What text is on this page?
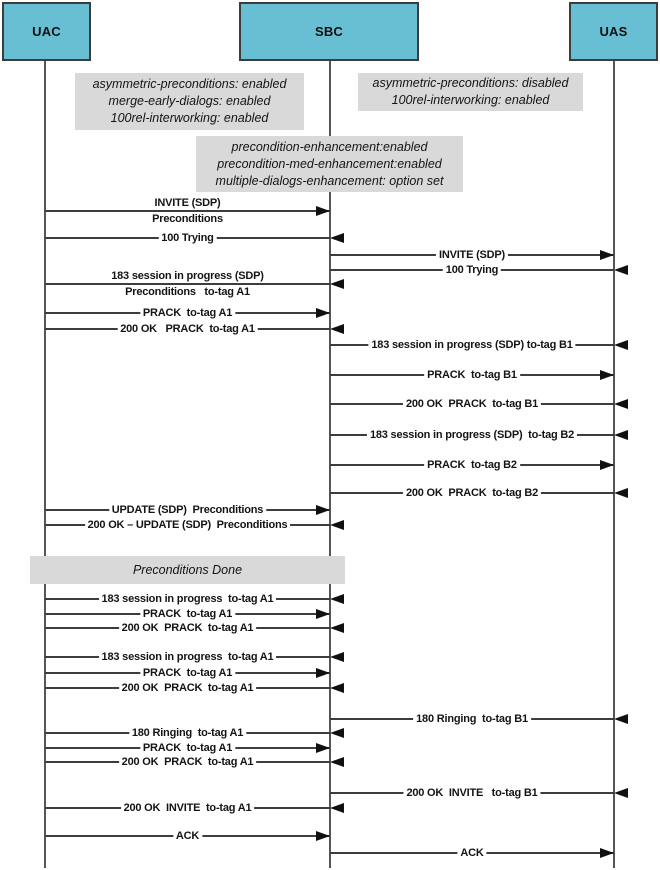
UAC	SBC	UAS
asymmetric-preconditions: enabled
merge-early-dialogs: enabled
100rel-interworking: enabled
asymmetric-preconditions: disabled
100rel-interworking: enabled
precondition-enhancement:enabled
precondition-med-enhancement:enabled
multiple-dialogs-enhancement: option set
Preconditions Done
INVITE (SDP)
Preconditions
100 Trying
INVITE (SDP)
100 Trying
183 session in progress (SDP)
Preconditions   to-tag A1
PRACK  to-tag A1
200 OK   PRACK  to-tag A1
183 session in progress (SDP) to-tag B1
PRACK  to-tag B1
200 OK  PRACK  to-tag B1
183 session in progress (SDP)  to-tag B2
PRACK  to-tag B2
200 OK  PRACK  to-tag B2
UPDATE (SDP)  Preconditions
200 OK – UPDATE (SDP)  Preconditions
183 session in progress  to-tag A1
PRACK  to-tag A1
200 OK  PRACK  to-tag A1
183 session in progress  to-tag A1
PRACK  to-tag A1
200 OK  PRACK  to-tag A1
180 Ringing  to-tag B1
180 Ringing  to-tag A1
PRACK  to-tag A1
200 OK  PRACK  to-tag A1
200 OK  INVITE   to-tag B1
200 OK  INVITE  to-tag A1
ACK
ACK
